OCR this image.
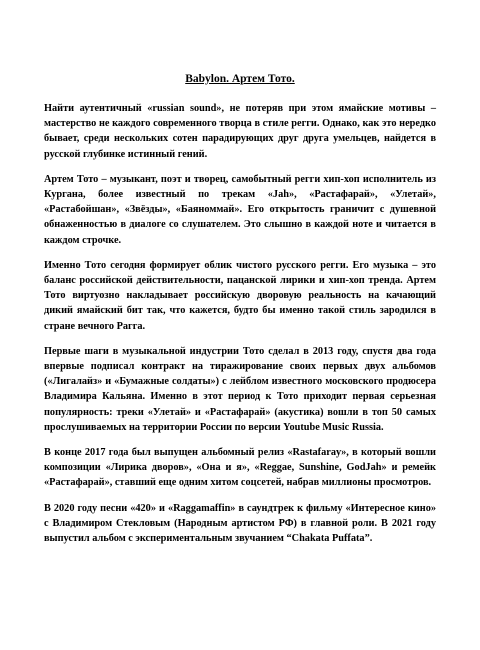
Babylon. Артем Тото.

Найти аутентичный «russian sound», не потеряв при этом ямайские мотивы – мастерство не каждого современного творца в стиле регги. Однако, как это нередко бывает, среди нескольких сотен парадирующих друг друга умельцев, найдется в русской глубинке истинный гений.

Артем Тото – музыкант, поэт и творец, самобытный регги хип-хоп исполнитель из Кургана, более известный по трекам «Jah», «Растафарай», «Улетай», «Растабойшан», «Звёзды», «Баяноммай». Его открытость граничит с душевной обнаженностью в диалоге со слушателем. Это слышно в каждой ноте и читается в каждом строчке.

Именно Тото сегодня формирует облик чистого русского регги. Его музыка – это баланс российской действительности, пацанской лирики и хип-хоп тренда. Артем Тото виртуозно накладывает российскую дворовую реальность на качающий дикий ямайский бит так, что кажется, будто бы именно такой стиль зародился в стране вечного Рагга.

Первые шаги в музыкальной индустрии Тото сделал в 2013 году, спустя два года впервые подписал контракт на тиражирование своих первых двух альбомов («Лигалайз» и «Бумажные солдаты») с лейблом известного московского продюсера Владимира Кальяна. Именно в этот период к Тото приходит первая серьезная популярность: треки «Улетай» и «Растафарай» (акустика) вошли в топ 50 самых прослушиваемых на территории России по версии Youtube Music Russia.

В конце 2017 года был выпущен альбомный релиз «Rastafaray», в который вошли композиции «Лирика дворов», «Она и я», «Reggae, Sunshine, GodJah» и ремейк «Растафарай», ставший еще одним хитом соцсетей, набрав миллионы просмотров.

В 2020 году песни «420» и «Raggamaffin» в саундтрек к фильму «Интересное кино» с Владимиром Стекловым (Народным артистом РФ) в главной роли. В 2021 году выпустил альбом с экспериментальным звучанием “Chakata Puffata”.
